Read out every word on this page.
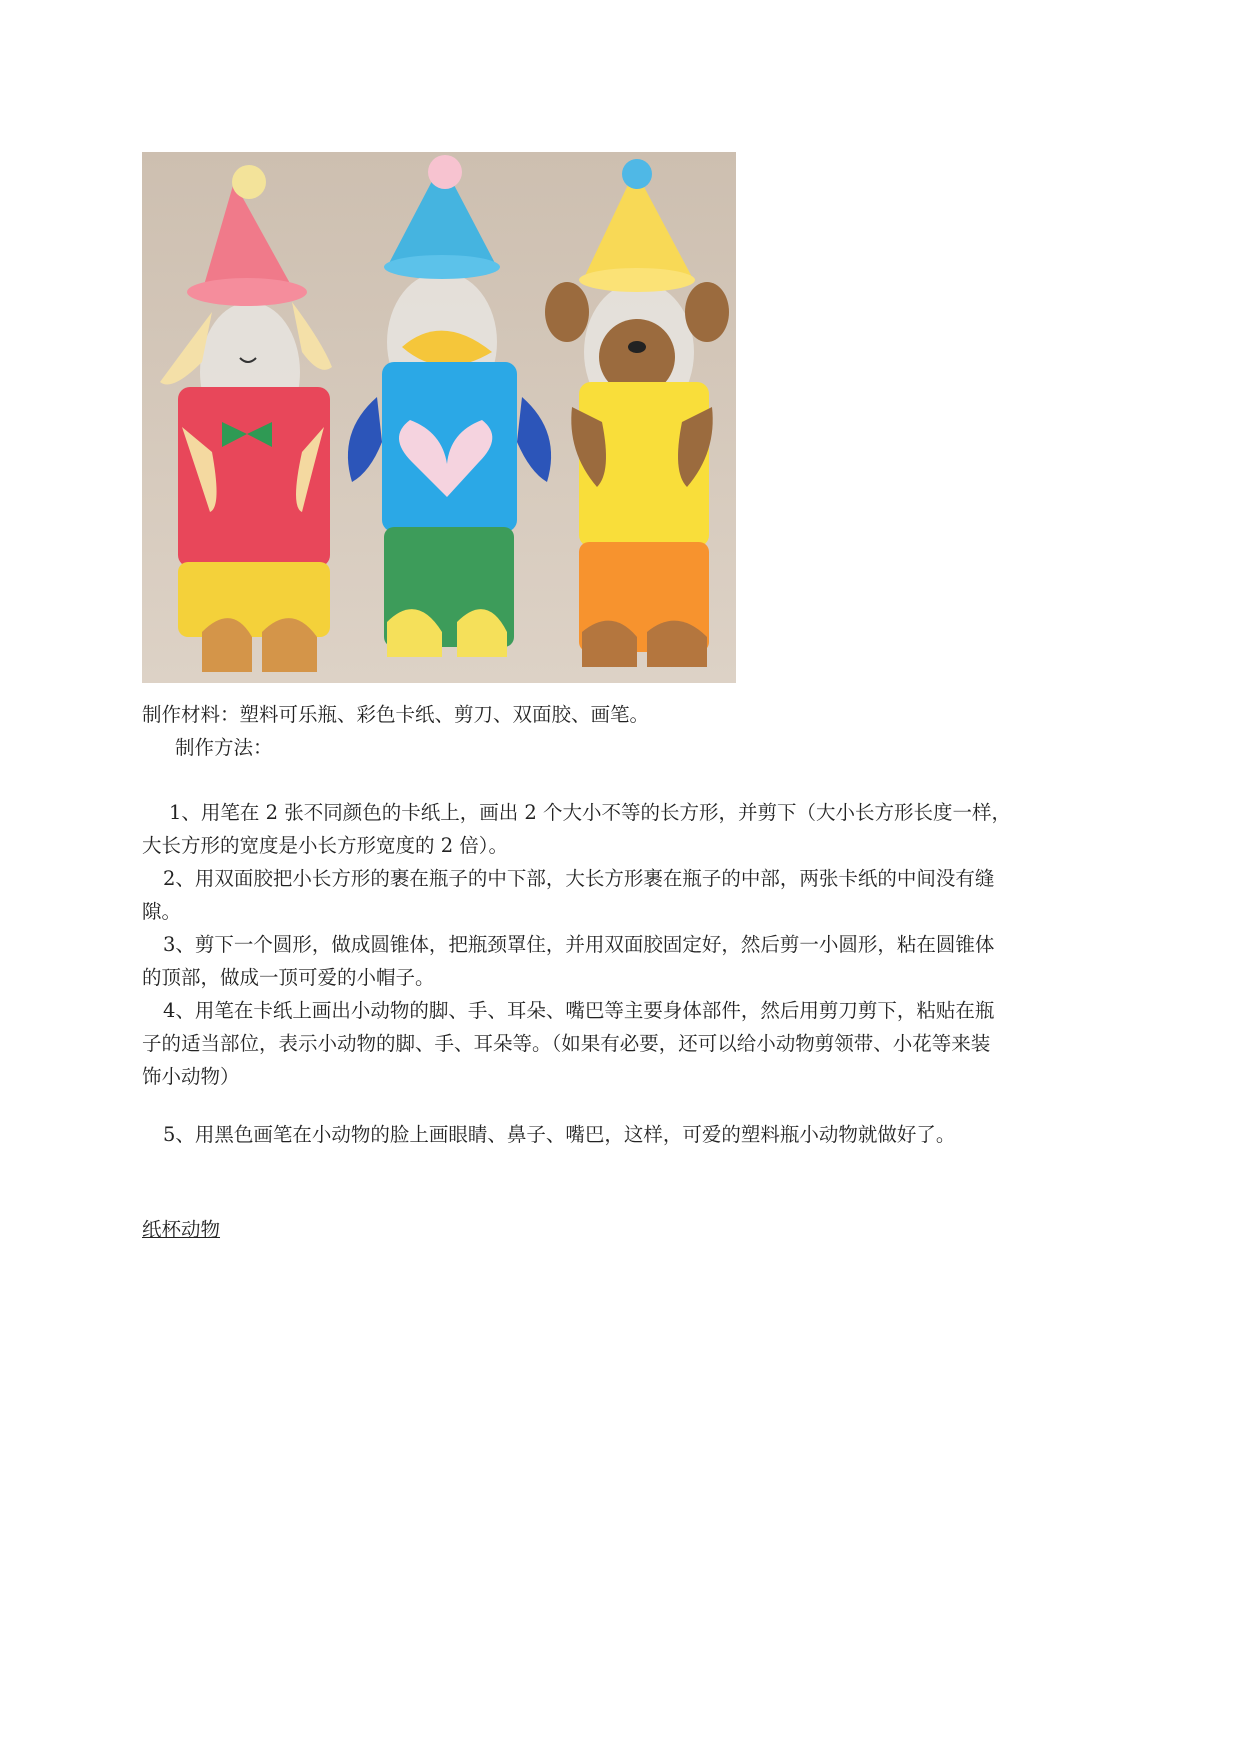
制作材料：塑料可乐瓶、彩色卡纸、剪刀、双面胶、画笔。
制作方法：
1、用笔在 2 张不同颜色的卡纸上，画出 2 个大小不等的长方形，并剪下（大小长方形长度一样，
大长方形的宽度是小长方形宽度的 2 倍）。
2、用双面胶把小长方形的裹在瓶子的中下部，大长方形裹在瓶子的中部，两张卡纸的中间没有缝
隙。
3、剪下一个圆形，做成圆锥体，把瓶颈罩住，并用双面胶固定好，然后剪一小圆形，粘在圆锥体
的顶部，做成一顶可爱的小帽子。
4、用笔在卡纸上画出小动物的脚、手、耳朵、嘴巴等主要身体部件，然后用剪刀剪下，粘贴在瓶
子的适当部位，表示小动物的脚、手、耳朵等。（如果有必要，还可以给小动物剪领带、小花等来装
饰小动物）
5、用黑色画笔在小动物的脸上画眼睛、鼻子、嘴巴，这样，可爱的塑料瓶小动物就做好了。
纸杯动物
